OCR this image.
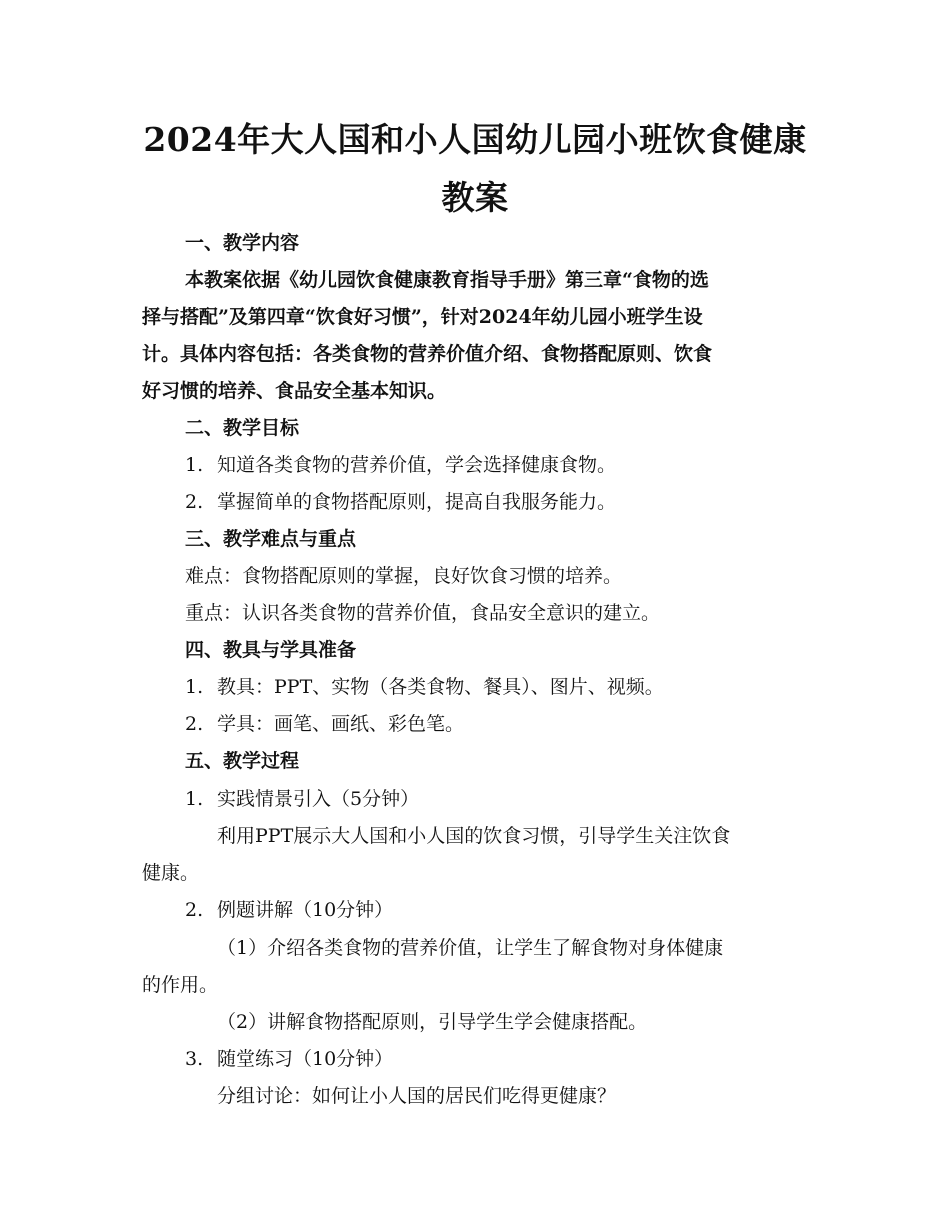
2024年大人国和小人国幼儿园小班饮食健康
教案
一、教学内容
本教案依据《幼儿园饮食健康教育指导手册》第三章“食物的选
择与搭配”及第四章“饮食好习惯”，针对2024年幼儿园小班学生设
计。具体内容包括：各类食物的营养价值介绍、食物搭配原则、饮食
好习惯的培养、食品安全基本知识。
二、教学目标
1. 知道各类食物的营养价值，学会选择健康食物。
2. 掌握简单的食物搭配原则，提高自我服务能力。
三、教学难点与重点
难点：食物搭配原则的掌握，良好饮食习惯的培养。
重点：认识各类食物的营养价值，食品安全意识的建立。
四、教具与学具准备
1. 教具：PPT、实物（各类食物、餐具）、图片、视频。
2. 学具：画笔、画纸、彩色笔。
五、教学过程
1. 实践情景引入（5分钟）
利用PPT展示大人国和小人国的饮食习惯，引导学生关注饮食
健康。
2. 例题讲解（10分钟）
（1）介绍各类食物的营养价值，让学生了解食物对身体健康
的作用。
（2）讲解食物搭配原则，引导学生学会健康搭配。
3. 随堂练习（10分钟）
分组讨论：如何让小人国的居民们吃得更健康？
